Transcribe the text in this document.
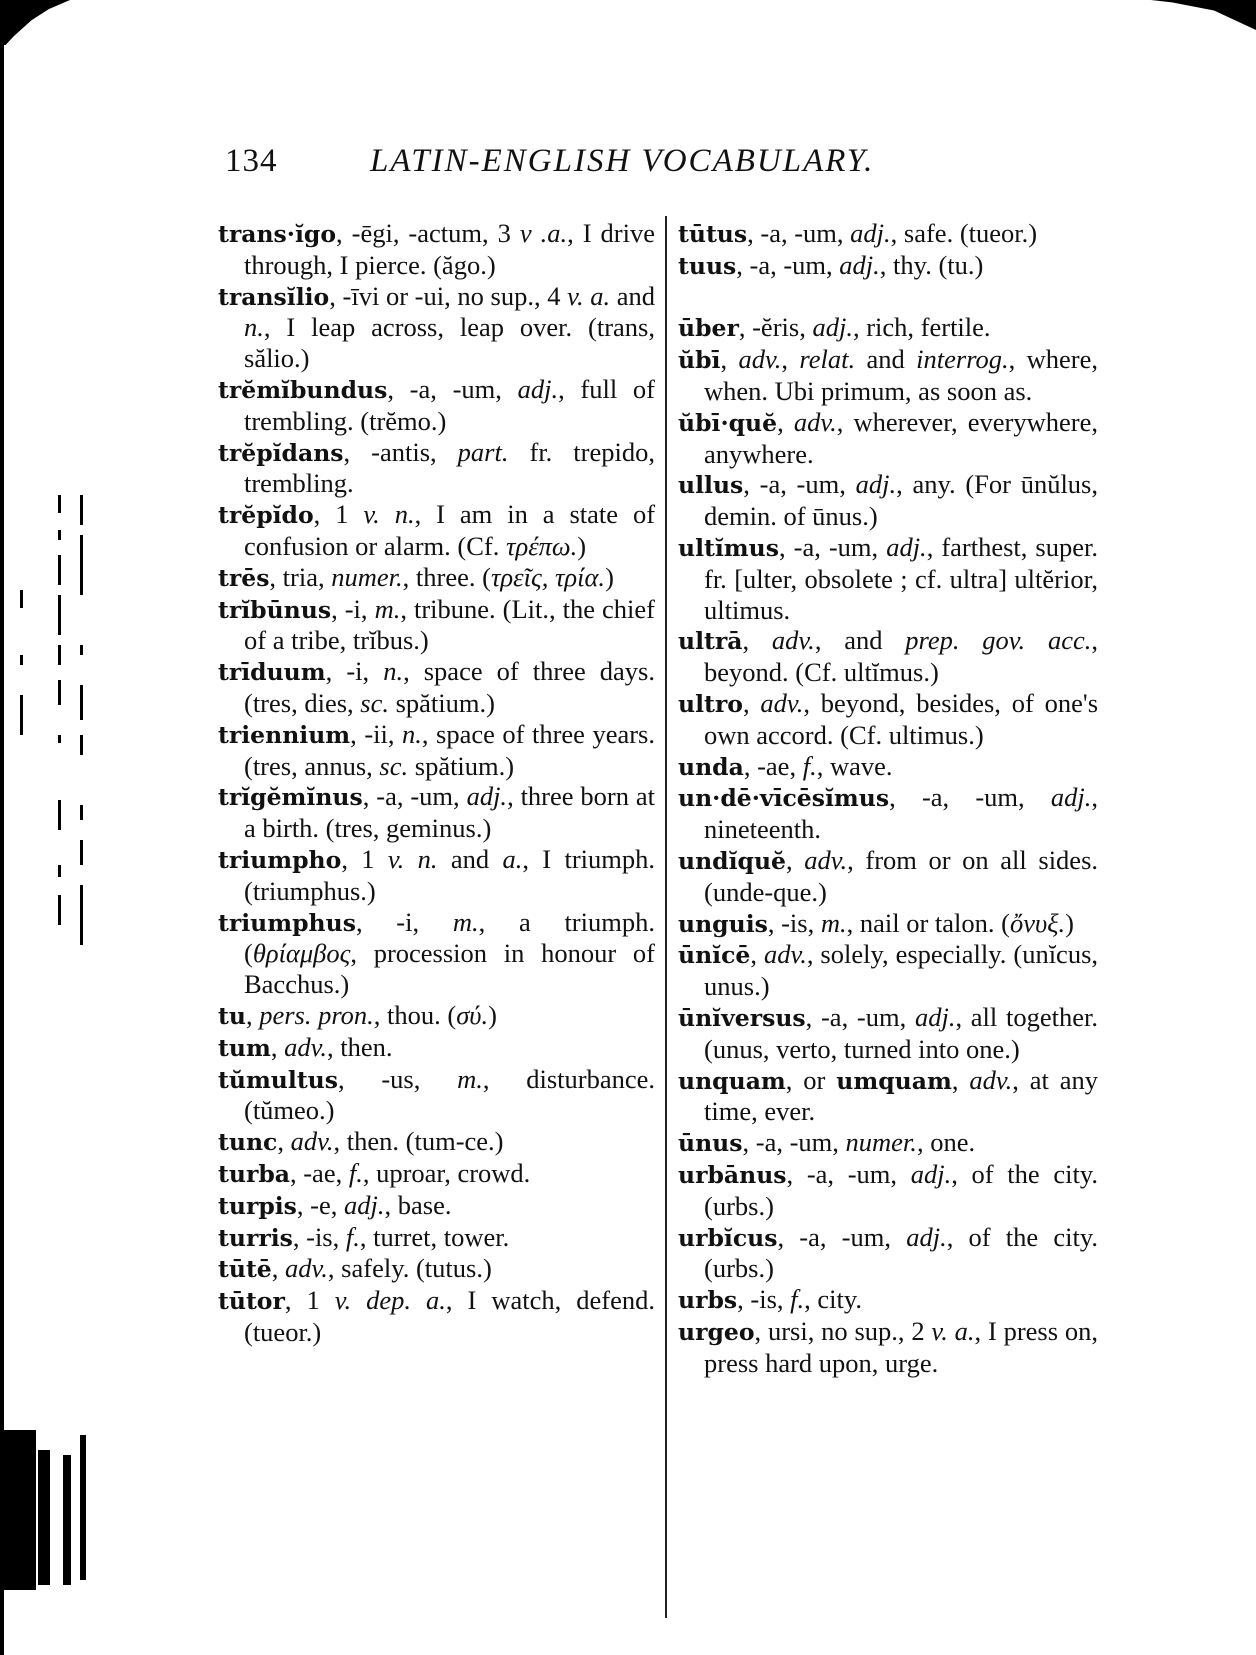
134	LATIN-ENGLISH VOCABULARY.
trans·ĭgo, -ēgi, -actum, 3 v .a., I drive through, I pierce. (ăgo.)
transĭlio, -īvi or -ui, no sup., 4 v. a. and n., I leap across, leap over. (trans, sălio.)
trĕmĭbundus, -a, -um, adj., full of trembling. (trĕmo.)
trĕpĭdans, -antis, part. fr. trepido, trembling.
trĕpĭdo, 1 v. n., I am in a state of confusion or alarm. (Cf. τρέπω.)
trēs, tria, numer., three. (τρεῖς, τρία.)
trĭbūnus, -i, m., tribune. (Lit., the chief of a tribe, trĭbus.)
trīduum, -i, n., space of three days. (tres, dies, sc. spătium.)
triennium, -ii, n., space of three years. (tres, annus, sc. spătium.)
trĭgĕmĭnus, -a, -um, adj., three born at a birth. (tres, geminus.)
triumpho, 1 v. n. and a., I triumph. (triumphus.)
triumphus, -i, m., a triumph. (θρίαμβος, procession in honour of Bacchus.)
tu, pers. pron., thou. (σύ.)
tum, adv., then.
tŭmultus, -us, m., disturbance. (tŭmeo.)
tunc, adv., then. (tum-ce.)
turba, -ae, f., uproar, crowd.
turpis, -e, adj., base.
turris, -is, f., turret, tower.
tūtē, adv., safely. (tutus.)
tūtor, 1 v. dep. a., I watch, defend. (tueor.)
tūtus, -a, -um, adj., safe. (tueor.)
tuus, -a, -um, adj., thy. (tu.)
ūber, -ĕris, adj., rich, fertile.
ŭbī, adv., relat. and interrog., where, when. Ubi primum, as soon as.
ŭbī·quĕ, adv., wherever, everywhere, anywhere.
ullus, -a, -um, adj., any. (For ūnŭlus, demin. of ūnus.)
ultĭmus, -a, -um, adj., farthest, super. fr. [ulter, obsolete ; cf. ultra] ultĕrior, ultimus.
ultrā, adv., and prep. gov. acc., beyond. (Cf. ultĭmus.)
ultro, adv., beyond, besides, of one's own accord. (Cf. ultimus.)
unda, -ae, f., wave.
un·dē·vīcēsĭmus, -a, -um, adj., nineteenth.
undĭquĕ, adv., from or on all sides. (unde-que.)
unguis, -is, m., nail or talon. (ὄνυξ.)
ūnĭcē, adv., solely, especially. (unĭcus, unus.)
ūnĭversus, -a, -um, adj., all together. (unus, verto, turned into one.)
unquam, or umquam, adv., at any time, ever.
ūnus, -a, -um, numer., one.
urbānus, -a, -um, adj., of the city. (urbs.)
urbĭcus, -a, -um, adj., of the city. (urbs.)
urbs, -is, f., city.
urgeo, ursi, no sup., 2 v. a., I press on, press hard upon, urge.
